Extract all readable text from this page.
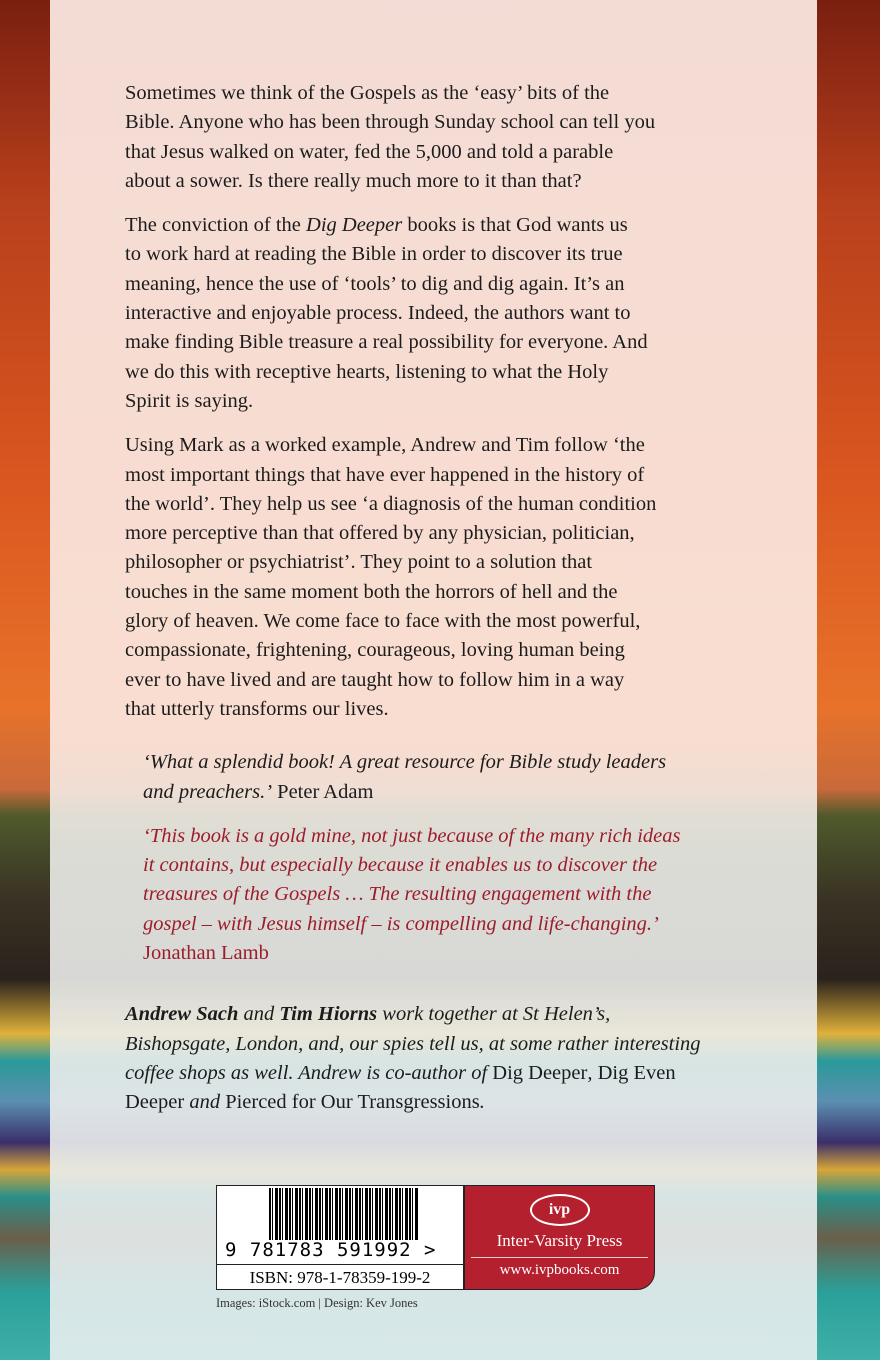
Sometimes we think of the Gospels as the ‘easy’ bits of the
Bible. Anyone who has been through Sunday school can tell you
that Jesus walked on water, fed the 5,000 and told a parable
about a sower. Is there really much more to it than that?
The conviction of the Dig Deeper books is that God wants us
to work hard at reading the Bible in order to discover its true
meaning, hence the use of ‘tools’ to dig and dig again. It’s an
interactive and enjoyable process. Indeed, the authors want to
make finding Bible treasure a real possibility for everyone. And
we do this with receptive hearts, listening to what the Holy
Spirit is saying.
Using Mark as a worked example, Andrew and Tim follow ‘the
most important things that have ever happened in the history of
the world’. They help us see ‘a diagnosis of the human condition
more perceptive than that offered by any physician, politician,
philosopher or psychiatrist’. They point to a solution that
touches in the same moment both the horrors of hell and the
glory of heaven. We come face to face with the most powerful,
compassionate, frightening, courageous, loving human being
ever to have lived and are taught how to follow him in a way
that utterly transforms our lives.
‘What a splendid book! A great resource for Bible study leaders
and preachers.’ Peter Adam
‘This book is a gold mine, not just because of the many rich ideas
it contains, but especially because it enables us to discover the
treasures of the Gospels … The resulting engagement with the
gospel – with Jesus himself – is compelling and life-changing.’
Jonathan Lamb
Andrew Sach and Tim Hiorns work together at St Helen’s,
Bishopsgate, London, and, our spies tell us, at some rather interesting
coffee shops as well. Andrew is co-author of Dig Deeper, Dig Even
Deeper and Pierced for Our Transgressions.
9 781783 591992 >
ISBN: 978-1-78359-199-2
ivp
Inter-Varsity Press
www.ivpbooks.com
Images: iStock.com | Design: Kev Jones
